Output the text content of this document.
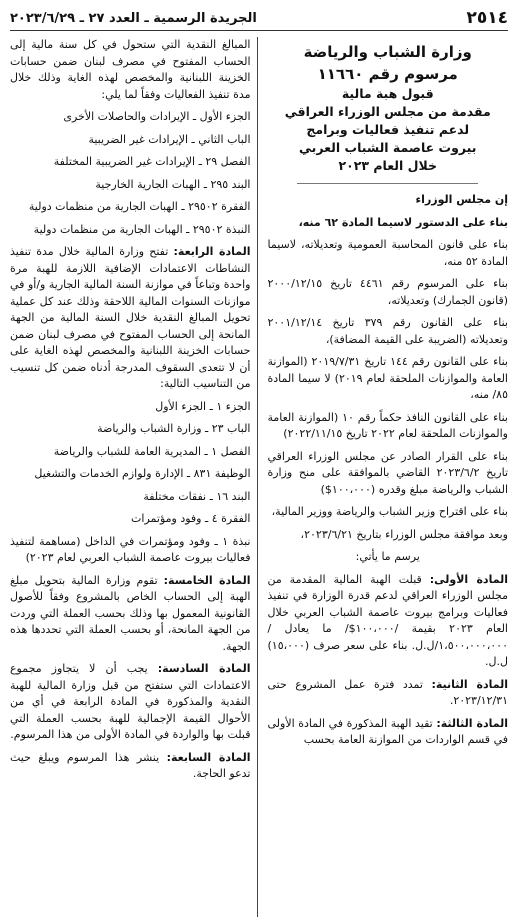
٢٥١٤
الجريدة الرسمية ـ العدد ٢٧ ـ ٢٠٢٣/٦/٢٩
وزارة الشباب والرياضة
مرسوم رقم ١١٦٦٠
قبول هبة مالية
مقدمة من مجلس الوزراء العراقي
لدعم تنفيذ فعاليات وبرامج
بيروت عاصمة الشباب العربي
خلال العام ٢٠٢٣

إن مجلس الوزراء

بناء على الدستور لاسيما المادة ٦٢ منه،

بناء على قانون المحاسبة العمومية وتعديلاته، لاسيما المادة ٥٢ منه،

بناء على المرسوم رقم ٤٤٦١ تاريخ ٢٠٠٠/١٢/١٥ (قانون الجمارك) وتعديلاته،

بناء على القانون رقم ٣٧٩ تاريخ ٢٠٠١/١٢/١٤ وتعديلاته (الضريبة على القيمة المضافة)،

بناء على القانون رقم ١٤٤ تاريخ ٢٠١٩/٧/٣١ (الموازنة العامة والموازنات الملحقة لعام ٢٠١٩) لا سيما المادة ٨٥/ منه،

بناء على القانون النافذ حكماً رقم ١٠ (الموازنة العامة والموازنات الملحقة لعام ٢٠٢٢ تاريخ ٢٠٢٢/١١/١٥)

بناء على القرار الصادر عن مجلس الوزراء العراقي تاريخ ٢٠٢٣/٦/٢ القاضي بالموافقة على منح وزارة الشباب والرياضة مبلغ وقدره (١٠٠،٠٠٠$)

بناء على اقتراح وزير الشباب والرياضة ووزير المالية،

وبعد موافقة مجلس الوزراء بتاريخ ٢٠٢٣/٦/٢١،

يرسم ما يأتي:

المادة الأولى: قبلت الهبة المالية المقدمة من مجلس الوزراء العراقي لدعم قدرة الوزارة في تنفيذ فعاليات وبرامج بيروت عاصمة الشباب العربي خلال العام ٢٠٢٣ بقيمة /١٠٠،٠٠٠$/ ما يعادل /١،٥٠٠،٠٠٠،٠٠٠/ل.ل. بناء على سعر صرف (١٥،٠٠٠) ل.ل.

المادة الثانية: تمدد فترة عمل المشروع حتى ٢٠٢٣/١٢/٣١.

المادة الثالثة: تقيد الهبة المذكورة في المادة الأولى في قسم الواردات من الموازنة العامة بحسب

المبالغ النقدية التي ستحول في كل سنة مالية إلى الحساب المفتوح في مصرف لبنان ضمن حسابات الخزينة اللبنانية والمخصص لهذه الغاية وذلك خلال مدة تنفيذ الفعاليات وفقاً لما يلي:

الجزء الأول ـ الإيرادات والحاصلات الأخرى
الباب الثاني ـ الإيرادات غير الضريبية
الفصل ٢٩ ـ الإيرادات غير الضريبية المختلفة
البند ٢٩٥ ـ الهبات الجارية الخارجية
الفقرة ٢٩٥٠٢ ـ الهبات الجارية من منظمات دولية
النبذة ٢٩٥٠٢ ـ الهبات الجارية من منظمات دولية

المادة الرابعة: تفتح وزارة المالية خلال مدة تنفيذ النشاطات الاعتمادات الإضافية اللازمة للهبة مرة واحدة وتباعاً في موازنة السنة المالية الجارية و/أو في موازنات السنوات المالية اللاحقة وذلك عند كل عملية تحويل المبالغ النقدية خلال السنة المالية من الجهة المانحة إلى الحساب المفتوح في مصرف لبنان ضمن حسابات الخزينة اللبنانية والمخصص لهذه الغاية على أن لا تتعدى السقوف المدرجة أدناه ضمن كل تنسيب من التناسيب التالية:

الجزء ١ ـ الجزء الأول
الباب ٢٣ ـ وزارة الشباب والرياضة
الفصل ١ ـ المديرية العامة للشباب والرياضة
الوظيفة ٨٣١ ـ الإدارة ولوازم الخدمات والتشغيل
البند ١٦ ـ نفقات مختلفة
الفقرة ٤ ـ وفود ومؤتمرات
نبذة ١ ـ وفود ومؤتمرات في الداخل (مساهمة لتنفيذ فعاليات بيروت عاصمة الشباب العربي لعام ٢٠٢٣)

المادة الخامسة: تقوم وزارة المالية بتحويل مبلغ الهبة إلى الحساب الخاص بالمشروع وفقاً للأصول القانونية المعمول بها وذلك بحسب العملة التي وردت من الجهة المانحة، أو بحسب العملة التي تحددها هذه الجهة.

المادة السادسة: يجب أن لا يتجاوز مجموع الاعتمادات التي ستفتح من قبل وزارة المالية للهبة النقدية والمذكورة في المادة الرابعة في أي من الأحوال القيمة الإجمالية للهبة بحسب العملة التي قبلت بها والواردة في المادة الأولى من هذا المرسوم.

المادة السابعة: ينشر هذا المرسوم ويبلغ حيث تدعو الحاجة.
